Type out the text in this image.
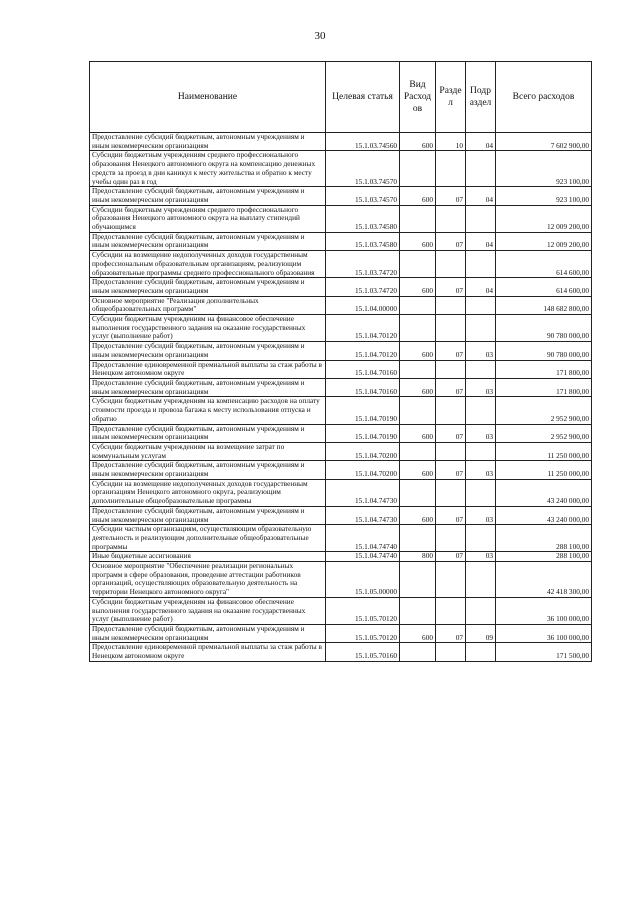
30
Наименование	Целевая статья	Вид Расход ов	Разде л	Подр аздел	Всего расходов
Предоставление субсидий бюджетным, автономным учреждениям и иным некоммерческим организациям	15.1.03.74560	600	10	04	7 602 900,00
Субсидии бюджетным учреждениям среднего профессионального образования Ненецкого автономного округа на компенсацию денежных средств за проезд в дни каникул к месту жительства и обратно к месту учебы один раз в год	15.1.03.74570				923 100,00
Предоставление субсидий бюджетным, автономным учреждениям и иным некоммерческим организациям	15.1.03.74570	600	07	04	923 100,00
Субсидии бюджетным учреждениям среднего профессионального образования Ненецкого автономного округа на выплату стипендий обучающимся	15.1.03.74580				12 009 200,00
Предоставление субсидий бюджетным, автономным учреждениям и иным некоммерческим организациям	15.1.03.74580	600	07	04	12 009 200,00
Субсидии на возмещение недополученных доходов государственным профессиональным образовательным организациям, реализующим образовательные программы среднего профессионального образования	15.1.03.74720				614 600,00
Предоставление субсидий бюджетным, автономным учреждениям и иным некоммерческим организациям	15.1.03.74720	600	07	04	614 600,00
Основное мероприятие "Реализация дополнительных общеобразовательных программ"	15.1.04.00000				148 682 800,00
Субсидии бюджетным учреждениям на финансовое обеспечение выполнения государственного задания на оказание государственных услуг (выполнение работ)	15.1.04.70120				90 780 000,00
Предоставление субсидий бюджетным, автономным учреждениям и иным некоммерческим организациям	15.1.04.70120	600	07	03	90 780 000,00
Предоставление единовременной премиальной выплаты за стаж работы в Ненецком автономном округе	15.1.04.70160				171 800,00
Предоставление субсидий бюджетным, автономным учреждениям и иным некоммерческим организациям	15.1.04.70160	600	07	03	171 800,00
Субсидии бюджетным учреждениям на компенсацию расходов на оплату стоимости проезда и провоза багажа к месту использования отпуска и обратно	15.1.04.70190				2 952 900,00
Предоставление субсидий бюджетным, автономным учреждениям и иным некоммерческим организациям	15.1.04.70190	600	07	03	2 952 900,00
Субсидии бюджетным учреждениям на возмещение затрат по коммунальным услугам	15.1.04.70200				11 250 000,00
Предоставление субсидий бюджетным, автономным учреждениям и иным некоммерческим организациям	15.1.04.70200	600	07	03	11 250 000,00
Субсидии на возмещение недополученных доходов государственным организациям Ненецкого автономного округа, реализующим дополнительные общеобразовательные программы	15.1.04.74730				43 240 000,00
Предоставление субсидий бюджетным, автономным учреждениям и иным некоммерческим организациям	15.1.04.74730	600	07	03	43 240 000,00
Субсидии частным организациям, осуществляющим образовательную деятельность и реализующим дополнительные общеобразовательные программы	15.1.04.74740				288 100,00
Иные бюджетные ассигнования	15.1.04.74740	800	07	03	288 100,00
Основное мероприятие "Обеспечение реализации региональных программ в сфере образования, проведение аттестации работников организаций, осуществляющих образовательную деятельность на территории Ненецкого автономного округа"	15.1.05.00000				42 418 300,00
Субсидии бюджетным учреждениям на финансовое обеспечение выполнения государственного задания на оказание государственных услуг (выполнение работ)	15.1.05.70120				36 100 000,00
Предоставление субсидий бюджетным, автономным учреждениям и иным некоммерческим организациям	15.1.05.70120	600	07	09	36 100 000,00
Предоставление единовременной премиальной выплаты за стаж работы в Ненецком автономном округе	15.1.05.70160				171 500,00
